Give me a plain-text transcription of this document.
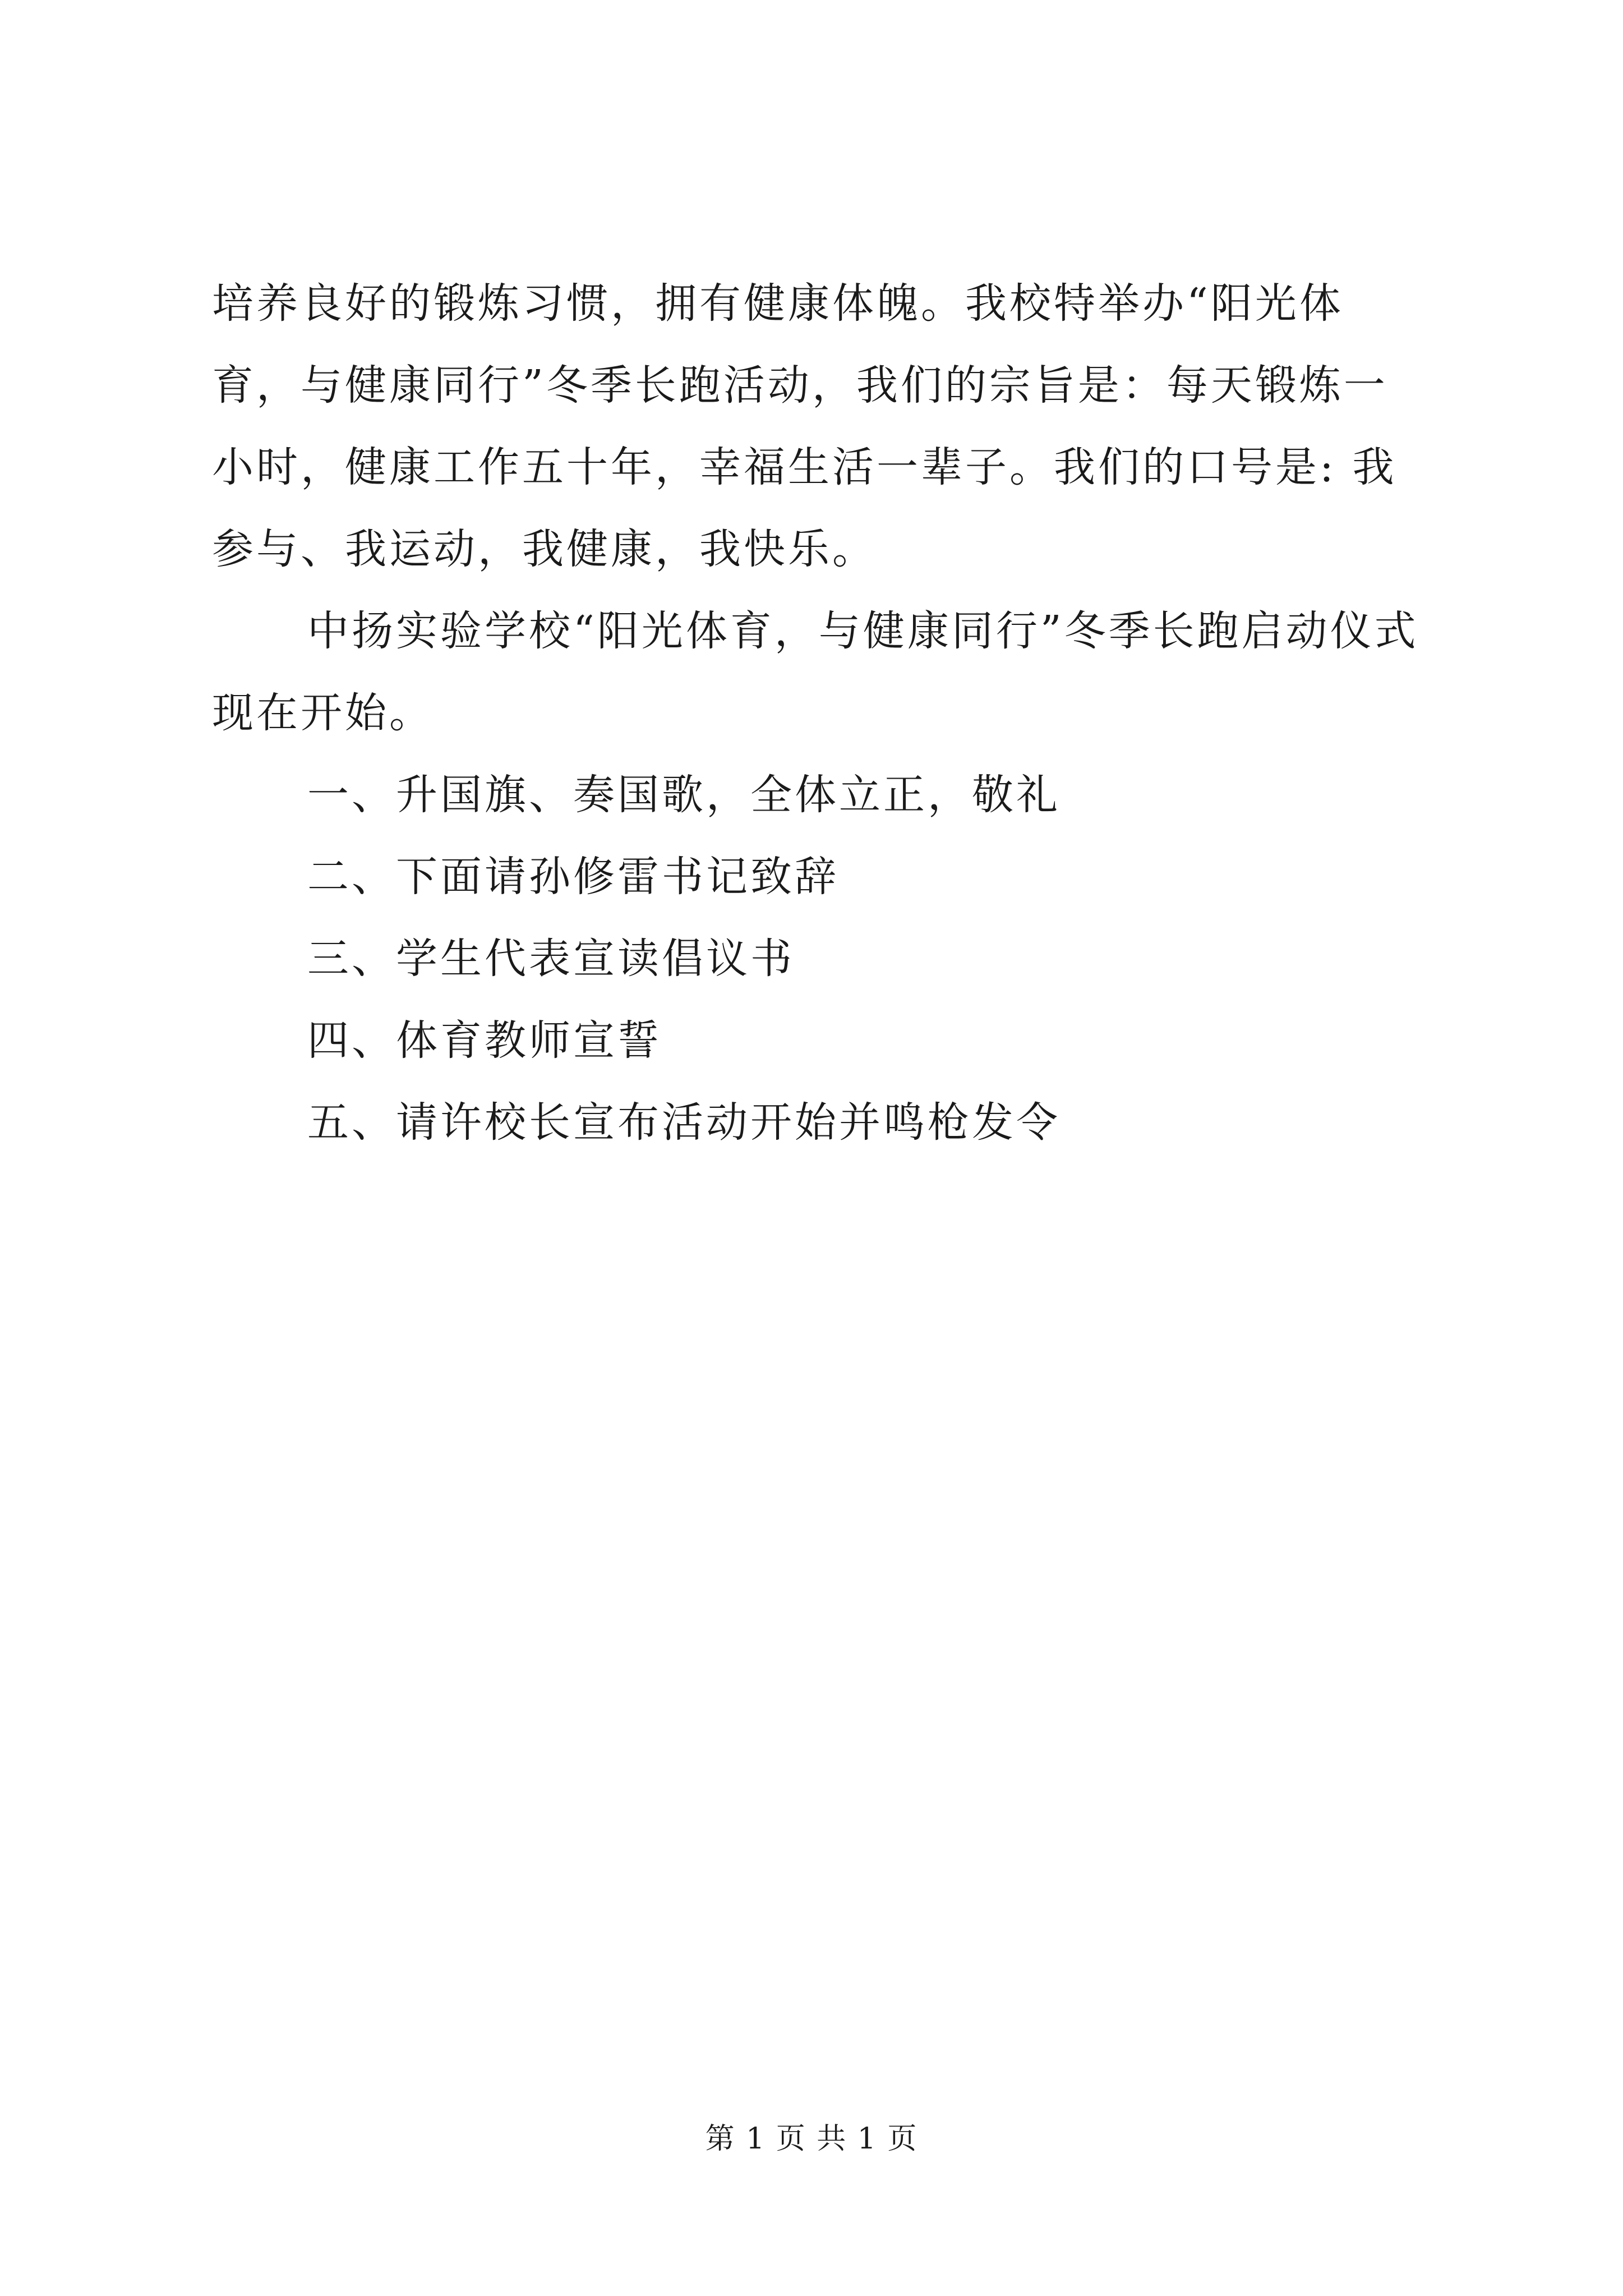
培养良好的锻炼习惯，拥有健康体魄。我校特举办“阳光体育，与健康同行”冬季长跑活动，我们的宗旨是：每天锻炼一小时，健康工作五十年，幸福生活一辈子。我们的口号是: 我参与、我运动，我健康，我快乐。

中扬实验学校“阳光体育，与健康同行”冬季长跑启动仪式现在开始。

一、升国旗、奏国歌，全体立正，敬礼

二、下面请孙修雷书记致辞

三、学生代表宣读倡议书

四、体育教师宣誓

五、请许校长宣布活动开始并鸣枪发令

第 1 页 共 1 页
